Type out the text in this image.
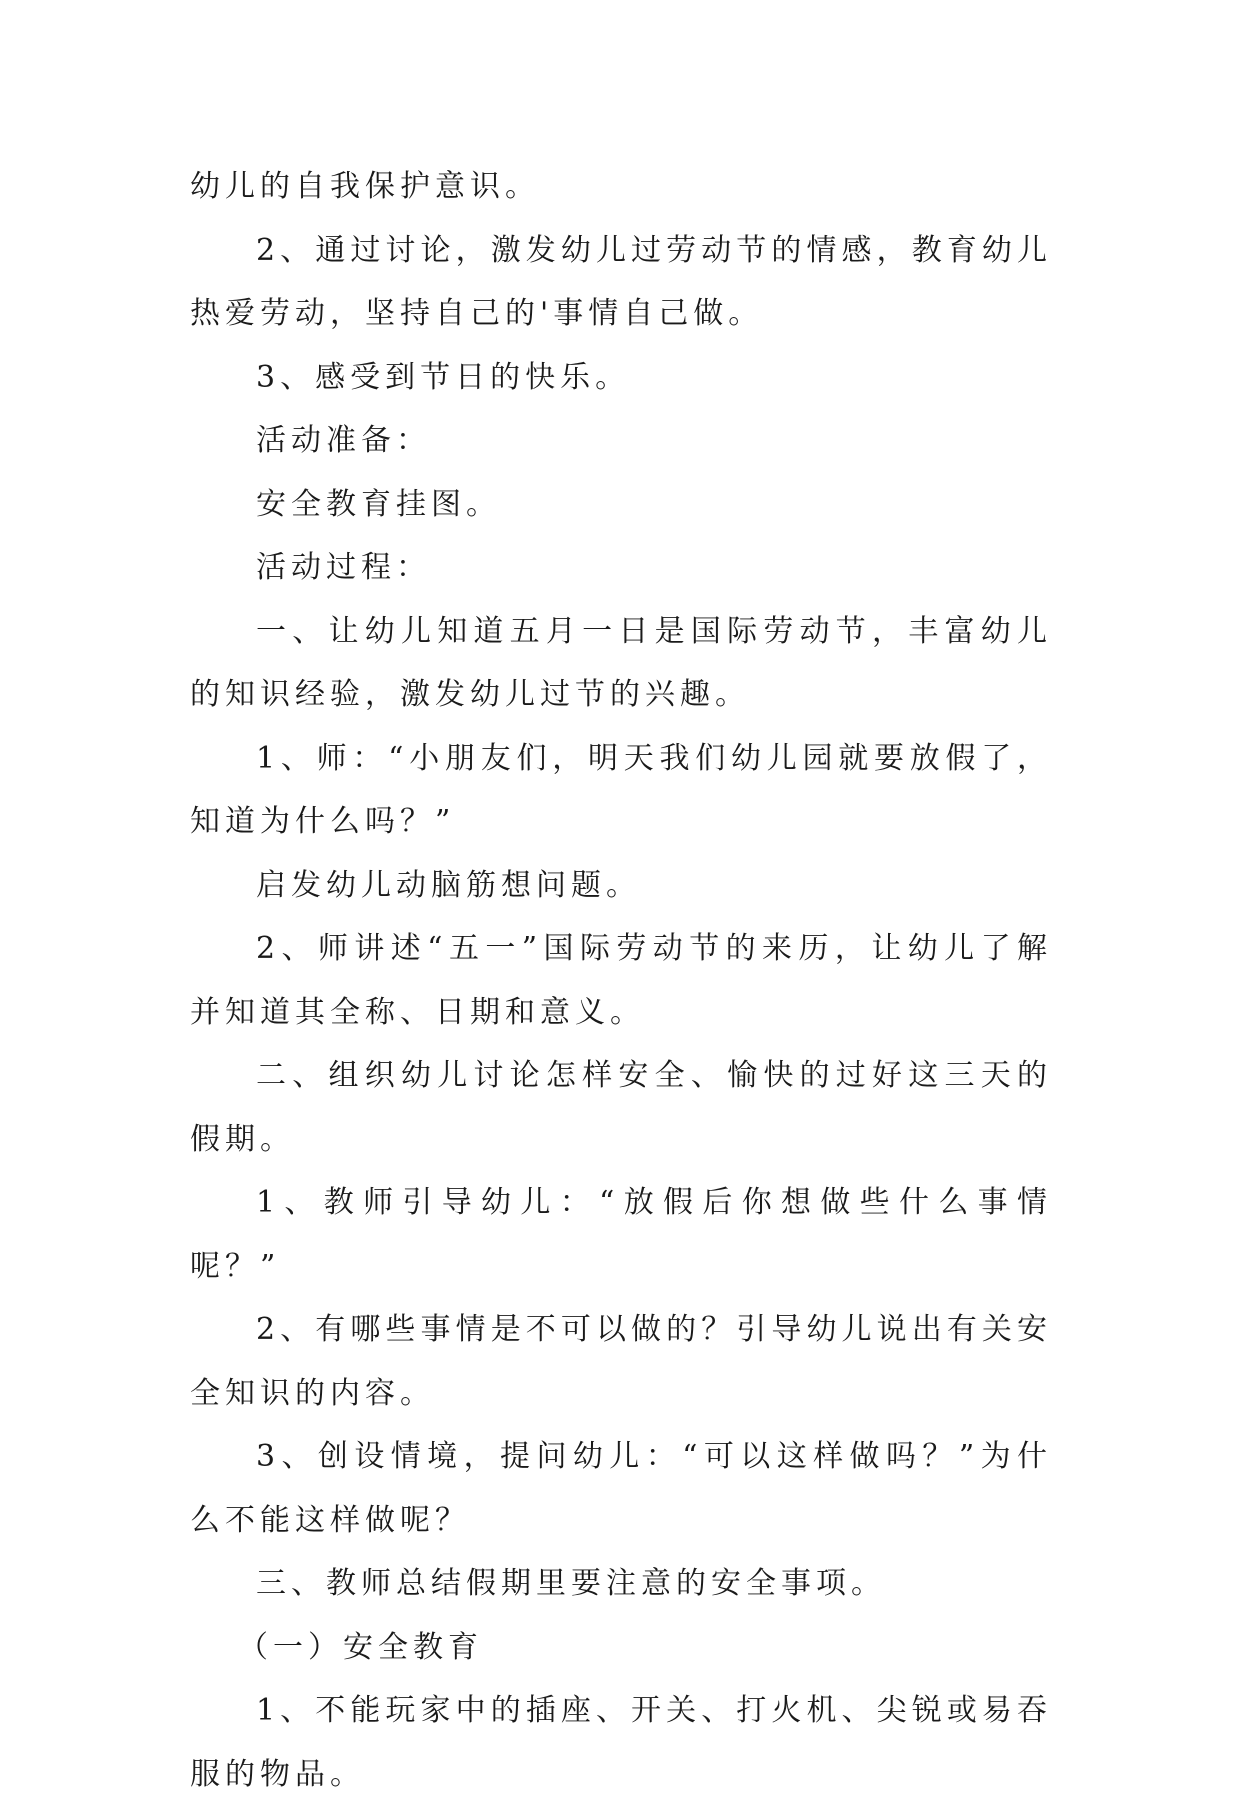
幼儿的自我保护意识。

2、通过讨论，激发幼儿过劳动节的情感，教育幼儿热爱劳动，坚持自己的'事情自己做。

3、感受到节日的快乐。

活动准备：

安全教育挂图。

活动过程：

一、让幼儿知道五月一日是国际劳动节，丰富幼儿的知识经验，激发幼儿过节的兴趣。

1、师：“小朋友们，明天我们幼儿园就要放假了，知道为什么吗？”

启发幼儿动脑筋想问题。

2、师讲述“五一”国际劳动节的来历，让幼儿了解并知道其全称、日期和意义。

二、组织幼儿讨论怎样安全、愉快的过好这三天的假期。

1、教师引导幼儿：“放假后你想做些什么事情呢？”

2、有哪些事情是不可以做的？引导幼儿说出有关安全知识的内容。

3、创设情境，提问幼儿：“可以这样做吗？”为什么不能这样做呢？

三、教师总结假期里要注意的安全事项。

（一）安全教育

1、不能玩家中的插座、开关、打火机、尖锐或易吞服的物品。
